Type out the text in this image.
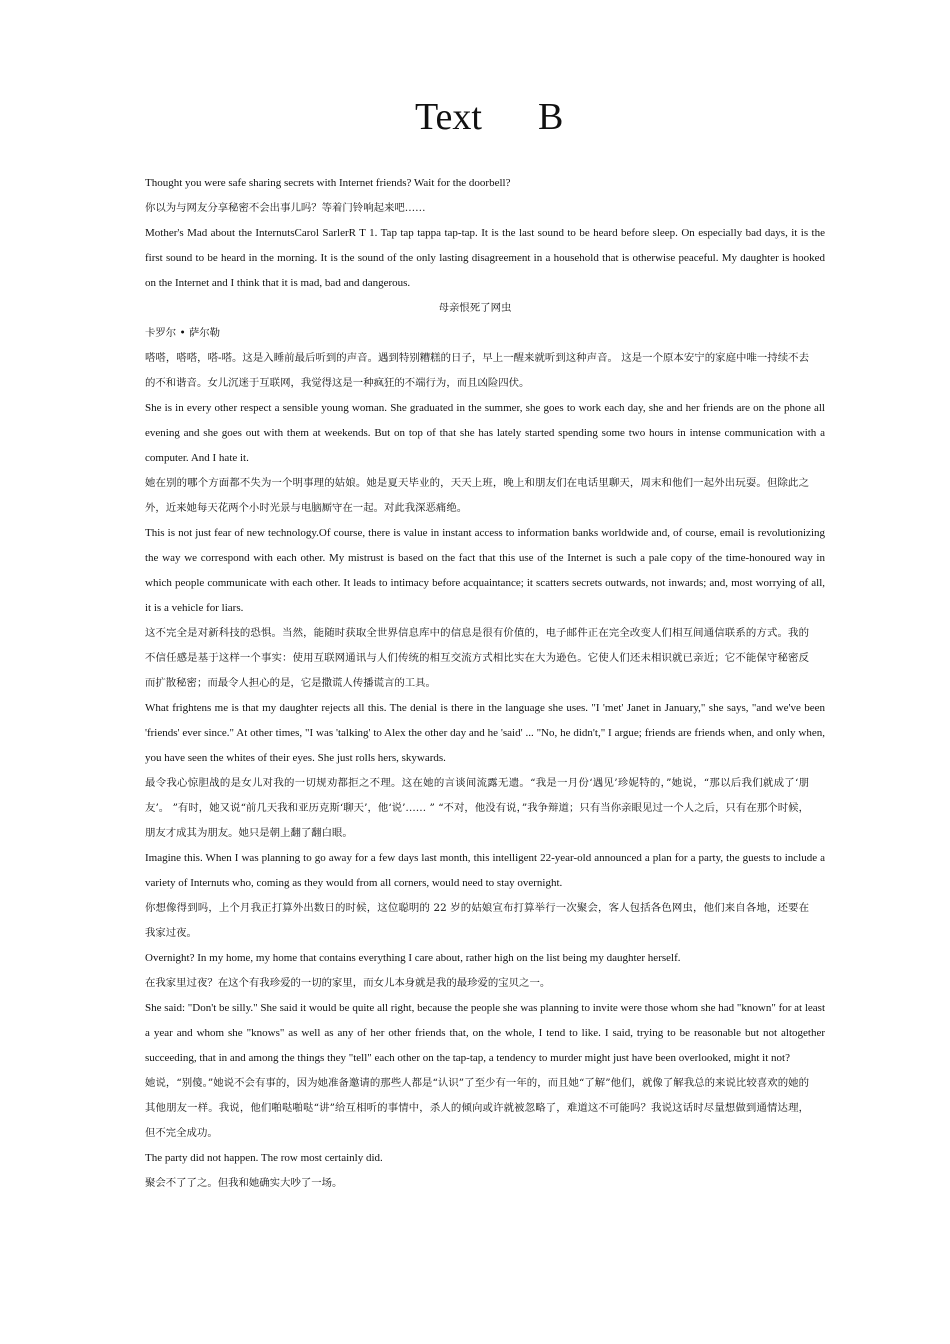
Text B

Thought you were safe sharing secrets with Internet friends? Wait for the doorbell?

你以为与网友分享秘密不会出事儿吗？等着门铃响起来吧……

Mother's Mad about the InternutsCarol SarlerR T 1. Tap tap tappa tap-tap. It is the last sound to be heard before sleep. On especially bad days, it is the first sound to be heard in the morning. It is the sound of the only lasting disagreement in a household that is otherwise peaceful. My daughter is hooked on the Internet and I think that it is mad, bad and dangerous.

母亲恨死了网虫

卡罗尔 • 萨尔勒

嗒嗒，嗒嗒，嗒-嗒。这是入睡前最后听到的声音。遇到特别糟糕的日子，早上一醒来就听到这种声音。 这是一个原本安宁的家庭中唯一持续不去的不和谐音。女儿沉迷于互联网，我觉得这是一种疯狂的不端行为，而且凶险四伏。

She is in every other respect a sensible young woman. She graduated in the summer, she goes to work each day, she and her friends are on the phone all evening and she goes out with them at weekends. But on top of that she has lately started spending some two hours in intense communication with a computer. And I hate it.

她在别的哪个方面都不失为一个明事理的姑娘。她是夏天毕业的，天天上班，晚上和朋友们在电话里聊天，周末和他们一起外出玩耍。但除此之外，近来她每天花两个小时光景与电脑厮守在一起。对此我深恶痛绝。

This is not just fear of new technology.Of course, there is value in instant access to information banks worldwide and, of course, email is revolutionizing the way we correspond with each other. My mistrust is based on the fact that this use of the Internet is such a pale copy of the time-honoured way in which people communicate with each other. It leads to intimacy before acquaintance; it scatters secrets outwards, not inwards; and, most worrying of all, it is a vehicle for liars.

这不完全是对新科技的恐惧。当然，能随时获取全世界信息库中的信息是很有价值的，电子邮件正在完全改变人们相互间通信联系的方式。我的不信任感是基于这样一个事实：使用互联网通讯与人们传统的相互交流方式相比实在大为逊色。它使人们还未相识就已亲近；它不能保守秘密反而扩散秘密；而最令人担心的是，它是撒谎人传播谎言的工具。

What frightens me is that my daughter rejects all this. The denial is there in the language she uses. "I 'met' Janet in January," she says, "and we've been 'friends' ever since." At other times, "I was 'talking' to Alex the other day and he 'said' ... "No, he didn't," I argue; friends are friends when, and only when, you have seen the whites of their eyes. She just rolls hers, skywards.

最令我心惊胆战的是女儿对我的一切规劝都拒之不理。这在她的言谈间流露无遗。“我是一月份‘遇见’珍妮特的，”她说，“那以后我们就成了‘朋友’。 ”有时，她又说“前几天我和亚历克斯‘聊天’，他‘说’…… ” “不对，他没有说，”我争辩道；只有当你亲眼见过一个人之后，只有在那个时候，朋友才成其为朋友。她只是朝上翻了翻白眼。

Imagine this. When I was planning to go away for a few days last month, this intelligent 22-year-old announced a plan for a party, the guests to include a variety of Internuts who, coming as they would from all corners, would need to stay overnight.

你想像得到吗，上个月我正打算外出数日的时候，这位聪明的 22 岁的姑娘宣布打算举行一次聚会，客人包括各色网虫，他们来自各地，还要在我家过夜。

Overnight? In my home, my home that contains everything I care about, rather high on the list being my daughter herself.

在我家里过夜？在这个有我珍爱的一切的家里，而女儿本身就是我的最珍爱的宝贝之一。

She said: "Don't be silly." She said it would be quite all right, because the people she was planning to invite were those whom she had "known" for at least a year and whom she "knows" as well as any of her other friends that, on the whole, I tend to like. I said, trying to be reasonable but not altogether succeeding, that in and among the things they "tell" each other on the tap-tap, a tendency to murder might just have been overlooked, might it not?

她说，“别傻。”她说不会有事的，因为她准备邀请的那些人都是“认识”了至少有一年的，而且她“了解”他们，就像了解我总的来说比较喜欢的她的其他朋友一样。我说，他们啪哒啪哒“讲”给互相听的事情中，杀人的倾向或许就被忽略了，难道这不可能吗？我说这话时尽量想做到通情达理，但不完全成功。

The party did not happen. The row most certainly did.

聚会不了了之。但我和她确实大吵了一场。
